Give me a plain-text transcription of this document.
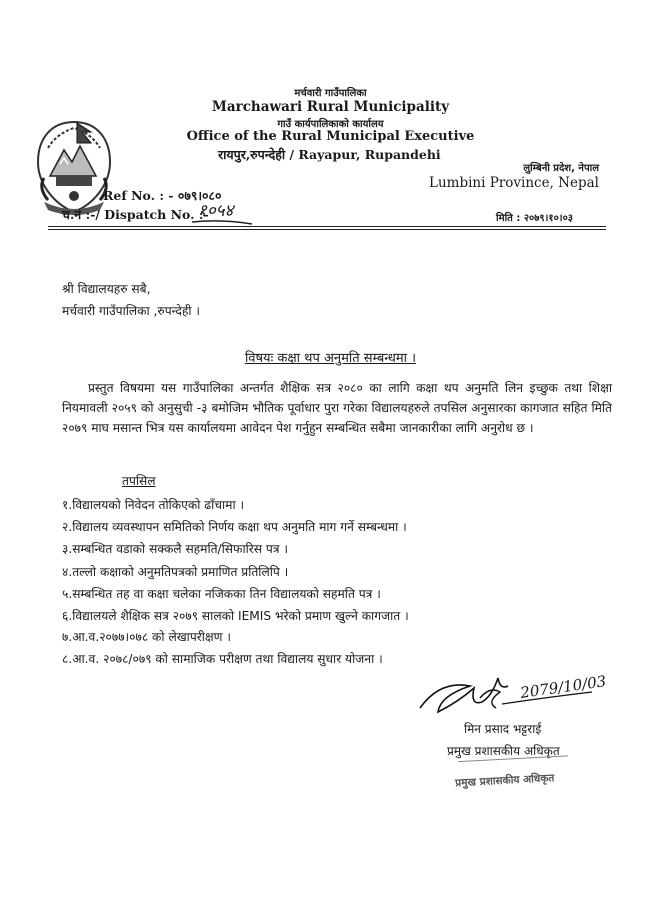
मर्चवारी गाउँपालिका
Marchawari Rural Municipality
गाउँ कार्यपालिकाको कार्यालय
Office of the Rural Municipal Executive
रायपुर,रुपन्देही / Rayapur, Rupandehi
लुम्बिनी प्रदेश, नेपाल
Lumbini Province, Nepal
Ref No. : - ०७९।०८०
च.नं :-/ Dispatch No. :-
१०५४	मिति : २०७९।१०।०३
श्री विद्यालयहरु सबै,
मर्चवारी गाउँपालिका ,रुपन्देही ।
विषयः कक्षा थप अनुमति सम्बन्धमा ।
प्रस्तुत विषयमा यस गाउँपालिका अन्तर्गत शैक्षिक सत्र २०८० का लागि कक्षा थप अनुमति लिन इच्छुक तथा शिक्षा नियमावली २०५९ को अनुसुची -३ बमोजिम भौतिक पूर्वाधार पुरा गरेका विद्यालयहरुले तपसिल अनुसारका कागजात सहित मिति २०७९ माघ मसान्त भित्र यस कार्यालयमा आवेदन पेश गर्नुहुन सम्बन्धित सबैमा जानकारीका लागि अनुरोध छ ।
तपसिल
१.विद्यालयको निवेदन तोकिएको ढाँचामा ।
२.विद्यालय व्यवस्थापन समितिको निर्णय कक्षा थप अनुमति माग गर्ने सम्बन्धमा ।
३.सम्बन्धित वडाको सक्कलै सहमति/सिफारिस पत्र ।
४.तल्लो कक्षाको अनुमतिपत्रको प्रमाणित प्रतिलिपि ।
५.सम्बन्धित तह वा कक्षा चलेका नजिकका तिन विद्यालयको सहमति पत्र ।
६.विद्यालयले शैक्षिक सत्र २०७९ सालको IEMIS भरेको प्रमाण खुल्ने कागजात ।
७.आ.व.२०७७।०७८ को लेखापरीक्षण ।
८.आ.व. २०७८/०७९ को सामाजिक परीक्षण तथा विद्यालय सुधार योजना ।
2079/10/03
मिन प्रसाद भट्टराई
प्रमुख प्रशासकीय अधिकृत
प्रमुख प्रशासकीय अधिकृत
